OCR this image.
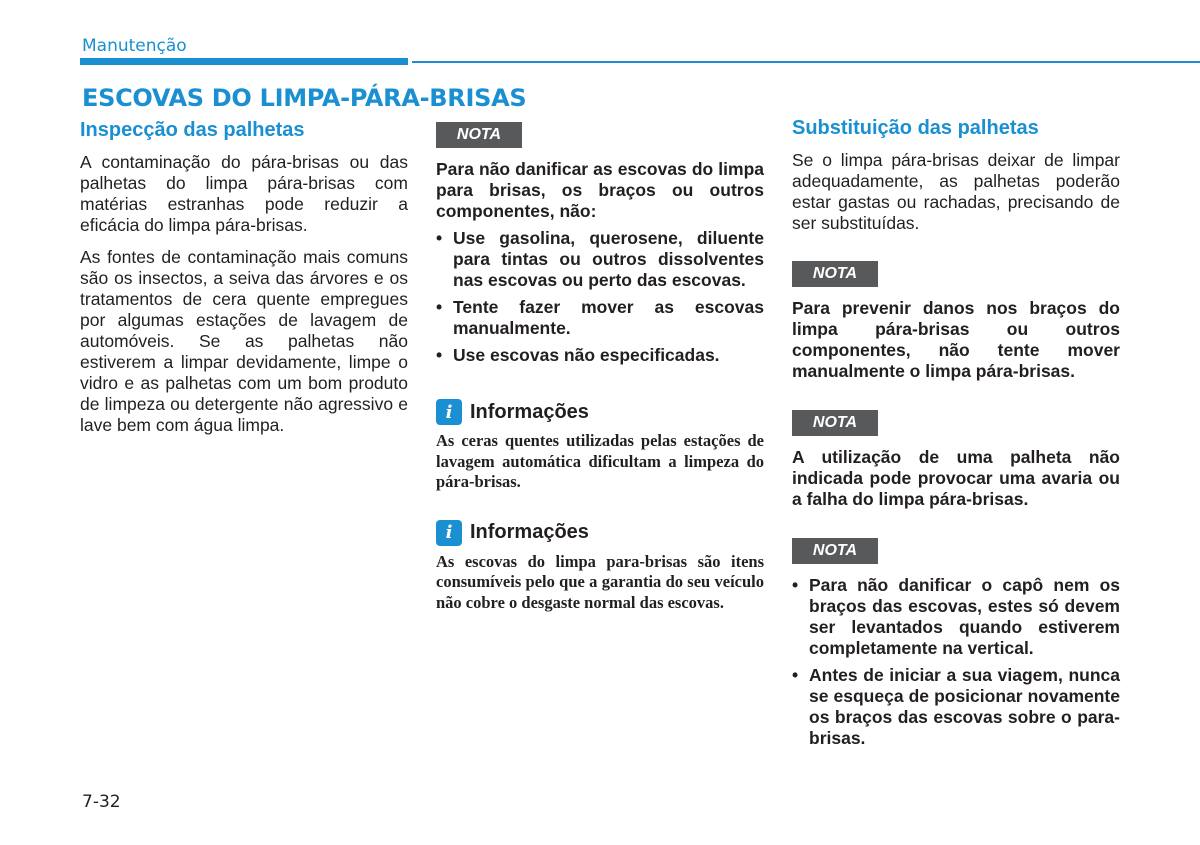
Manutenção
ESCOVAS DO LIMPA-PÁRA-BRISAS
Inspecção das palhetas

A contaminação do pára-brisas ou das palhetas do limpa pára-brisas com matérias estranhas pode reduzir a eficácia do limpa pára-brisas.

As fontes de contaminação mais comuns são os insectos, a seiva das árvores e os tratamentos de cera quente empregues por algumas estações de lavagem de automóveis. Se as palhetas não estiverem a limpar devidamente, limpe o vidro e as palhetas com um bom produto de limpeza ou detergente não agressivo e lave bem com água limpa.

NOTA

Para não danificar as escovas do limpa para brisas, os braços ou outros componentes, não:

• Use gasolina, querosene, diluente para tintas ou outros dissolventes nas escovas ou perto das escovas.
• Tente fazer mover as escovas manualmente.
• Use escovas não especificadas.
i Informações

As ceras quentes utilizadas pelas estações de lavagem automática dificultam a limpeza do pára-brisas.

i Informações

As escovas do limpa para-brisas são itens consumíveis pelo que a garantia do seu veículo não cobre o desgaste normal das escovas.

Substituição das palhetas

Se o limpa pára-brisas deixar de limpar adequadamente, as palhetas poderão estar gastas ou rachadas, precisando de ser substituídas.

NOTA

Para prevenir danos nos braços do limpa pára-brisas ou outros componentes, não tente mover manualmente o limpa pára-brisas.

NOTA

A utilização de uma palheta não indicada pode provocar uma avaria ou a falha do limpa pára-brisas.

NOTA
• Para não danificar o capô nem os braços das escovas, estes só devem ser levantados quando estiverem completamente na vertical.
• Antes de iniciar a sua viagem, nunca se esqueça de posicionar novamente os braços das escovas sobre o para-brisas.
7-32
